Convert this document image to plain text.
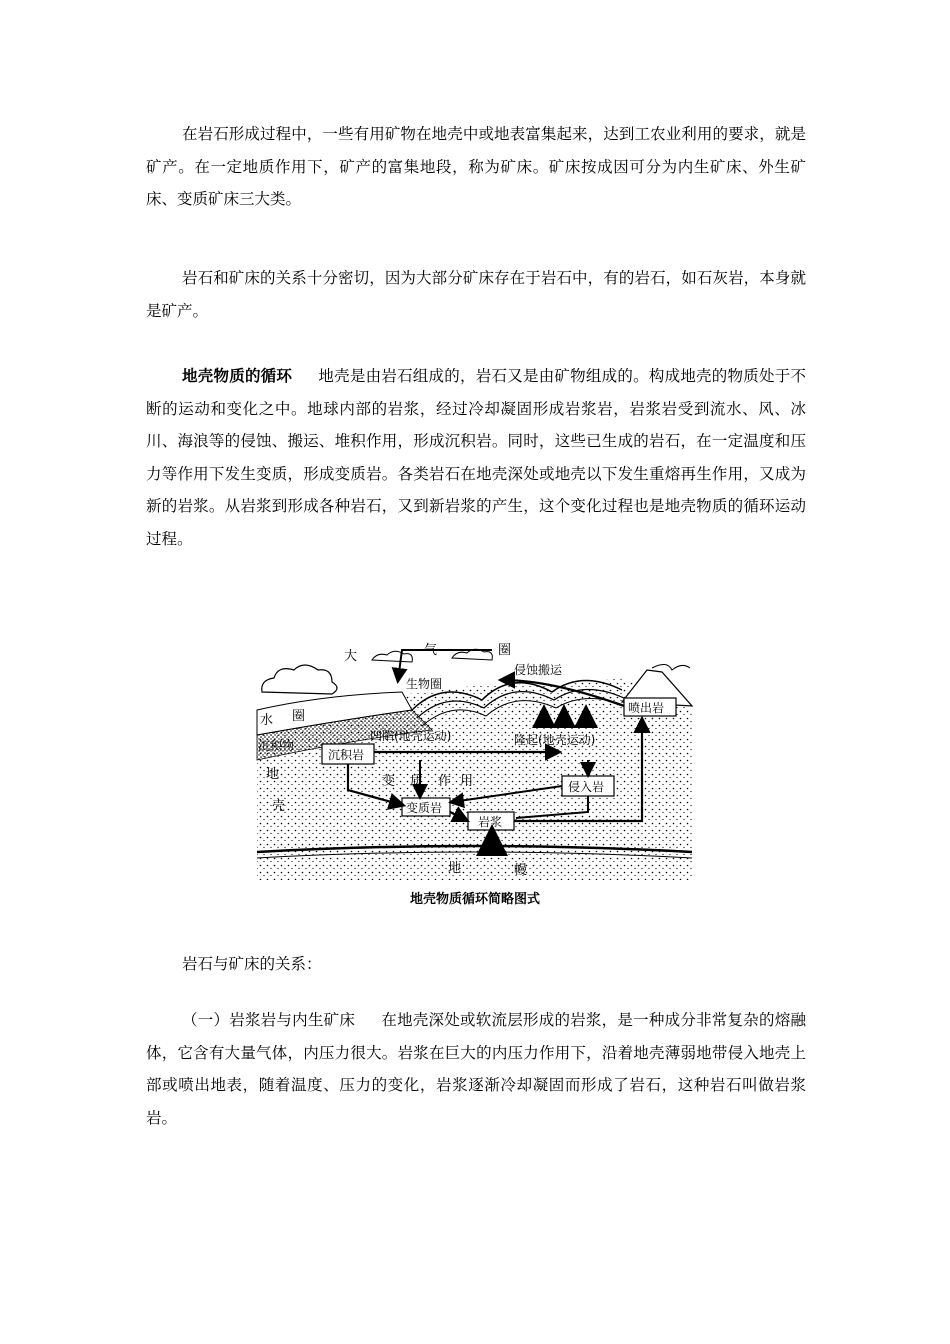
在岩石形成过程中，一些有用矿物在地壳中或地表富集起来，达到工农业利用的要求，就是矿产。在一定地质作用下，矿产的富集地段，称为矿床。矿床按成因可分为内生矿床、外生矿床、变质矿床三大类。

岩石和矿床的关系十分密切，因为大部分矿床存在于岩石中，有的岩石，如石灰岩，本身就是矿产。

地壳物质的循环 地壳是由岩石组成的，岩石又是由矿物组成的。构成地壳的物质处于不断的运动和变化之中。地球内部的岩浆，经过冷却凝固形成岩浆岩，岩浆岩受到流水、风、冰川、海浪等的侵蚀、搬运、堆积作用，形成沉积岩。同时，这些已生成的岩石，在一定温度和压力等作用下发生变质，形成变质岩。各类岩石在地壳深处或地壳以下发生重熔再生作用，又成为新的岩浆。从岩浆到形成各种岩石，又到新岩浆的产生，这个变化过程也是地壳物质的循环运动过程。

大	气	圈
侵蚀搬运
生物圈
水 圈
沉积物
地
壳
凹陷(地壳运动)	隆起(地壳运动)
沉积岩
变 质 作 用	侵入岩
变质岩
岩浆
喷出岩
地	幔
地壳物质循环简略图式

岩石与矿床的关系：

（一）岩浆岩与内生矿床 在地壳深处或软流层形成的岩浆，是一种成分非常复杂的熔融体，它含有大量气体，内压力很大。岩浆在巨大的内压力作用下，沿着地壳薄弱地带侵入地壳上部或喷出地表，随着温度、压力的变化，岩浆逐渐冷却凝固而形成了岩石，这种岩石叫做岩浆岩。
